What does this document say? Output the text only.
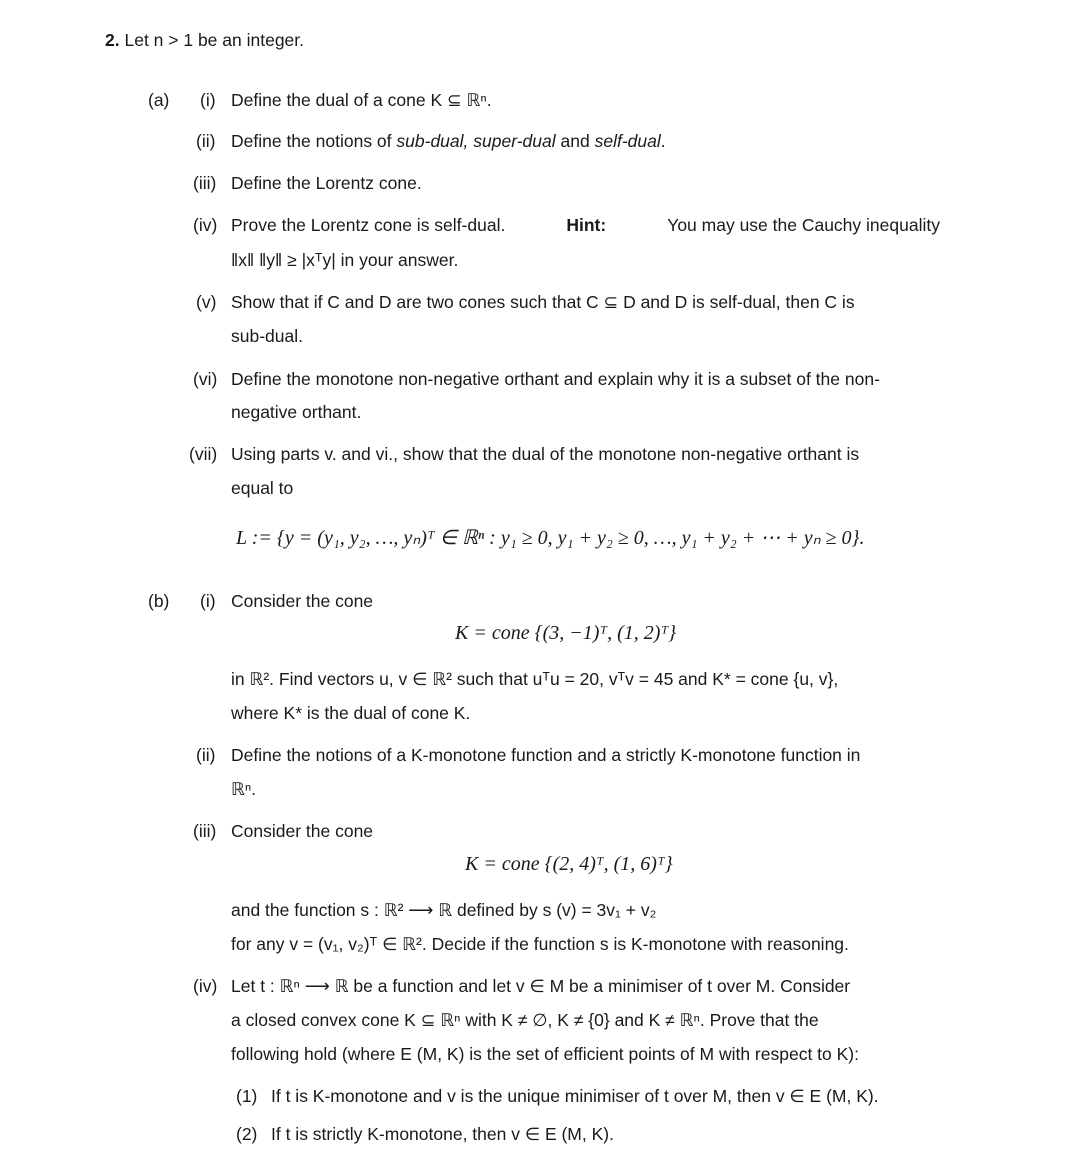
2. Let n > 1 be an integer.
(a) (i) Define the dual of a cone K ⊆ ℝⁿ.
(ii) Define the notions of sub-dual, super-dual and self-dual.
(iii) Define the Lorentz cone.
(iv) Prove the Lorentz cone is self-dual.	Hint:	You may use the Cauchy inequality
‖x‖ ‖y‖ ≥ |xᵀy| in your answer.
(v) Show that if C and D are two cones such that C ⊆ D and D is self-dual, then C is
sub-dual.
(vi) Define the monotone non-negative orthant and explain why it is a subset of the non-
negative orthant.
(vii) Using parts v. and vi., show that the dual of the monotone non-negative orthant is
equal to
L := {y = (y₁, y₂, …, yₙ)ᵀ ∈ ℝⁿ : y₁ ≥ 0, y₁ + y₂ ≥ 0, …, y₁ + y₂ + ⋯ + yₙ ≥ 0}.
(b) (i) Consider the cone
K = cone {(3, −1)ᵀ, (1, 2)ᵀ}
in ℝ². Find vectors u, v ∈ ℝ² such that uᵀu = 20, vᵀv = 45 and K* = cone {u, v},
where K* is the dual of cone K.
(ii) Define the notions of a K-monotone function and a strictly K-monotone function in
ℝⁿ.
(iii) Consider the cone
K = cone {(2, 4)ᵀ, (1, 6)ᵀ}
and the function s : ℝ² ⟶ ℝ defined by s (v) = 3v₁ + v₂
for any v = (v₁, v₂)ᵀ ∈ ℝ². Decide if the function s is K-monotone with reasoning.
(iv) Let t : ℝⁿ ⟶ ℝ be a function and let v ∈ M be a minimiser of t over M. Consider
a closed convex cone K ⊆ ℝⁿ with K ≠ ∅, K ≠ {0} and K ≠ ℝⁿ. Prove that the
following hold (where E (M, K) is the set of efficient points of M with respect to K):
(1) If t is K-monotone and v is the unique minimiser of t over M, then v ∈ E (M, K).
(2) If t is strictly K-monotone, then v ∈ E (M, K).
